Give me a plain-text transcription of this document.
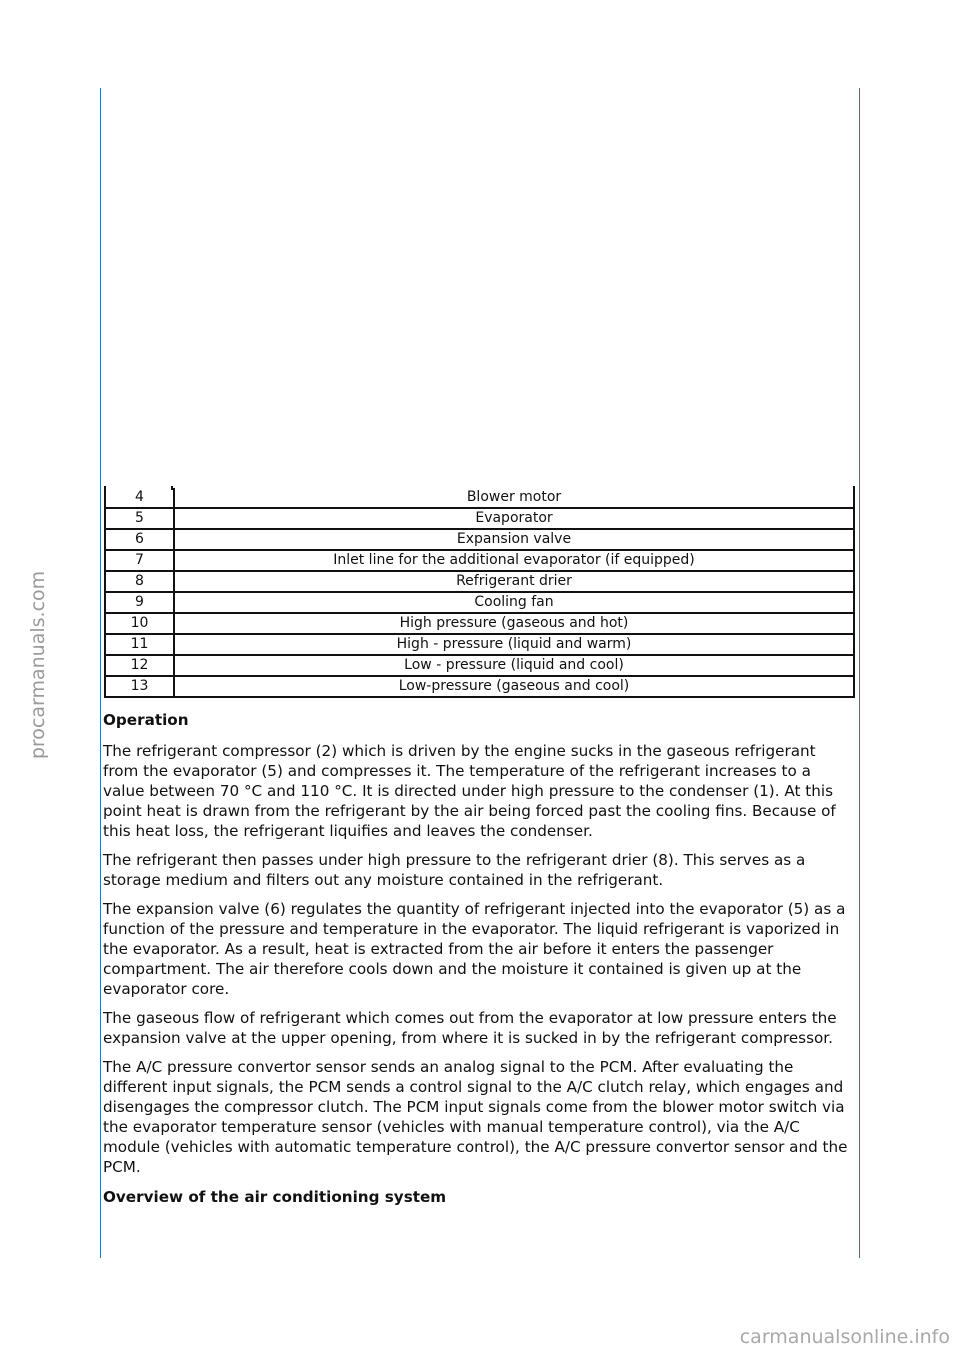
4	Blower motor
5	Evaporator
6	Expansion valve
7	Inlet line for the additional evaporator (if equipped)
8	Refrigerant drier
9	Cooling fan
10	High pressure (gaseous and hot)
11	High - pressure (liquid and warm)
12	Low - pressure (liquid and cool)
13	Low-pressure (gaseous and cool)
Operation

The refrigerant compressor (2) which is driven by the engine sucks in the gaseous refrigerant from the evaporator (5) and compresses it. The temperature of the refrigerant increases to a value between 70 °C and 110 °C. It is directed under high pressure to the condenser (1). At this point heat is drawn from the refrigerant by the air being forced past the cooling fins. Because of this heat loss, the refrigerant liquifies and leaves the condenser.

The refrigerant then passes under high pressure to the refrigerant drier (8). This serves as a storage medium and filters out any moisture contained in the refrigerant.

The expansion valve (6) regulates the quantity of refrigerant injected into the evaporator (5) as a function of the pressure and temperature in the evaporator. The liquid refrigerant is vaporized in the evaporator. As a result, heat is extracted from the air before it enters the passenger compartment. The air therefore cools down and the moisture it contained is given up at the evaporator core.

The gaseous flow of refrigerant which comes out from the evaporator at low pressure enters the expansion valve at the upper opening, from where it is sucked in by the refrigerant compressor.

The A/C pressure convertor sensor sends an analog signal to the PCM. After evaluating the different input signals, the PCM sends a control signal to the A/C clutch relay, which engages and disengages the compressor clutch. The PCM input signals come from the blower motor switch via the evaporator temperature sensor (vehicles with manual temperature control), via the A/C module (vehicles with automatic temperature control), the A/C pressure convertor sensor and the PCM.

Overview of the air conditioning system
procarmanuals.com
carmanualsonline.info
